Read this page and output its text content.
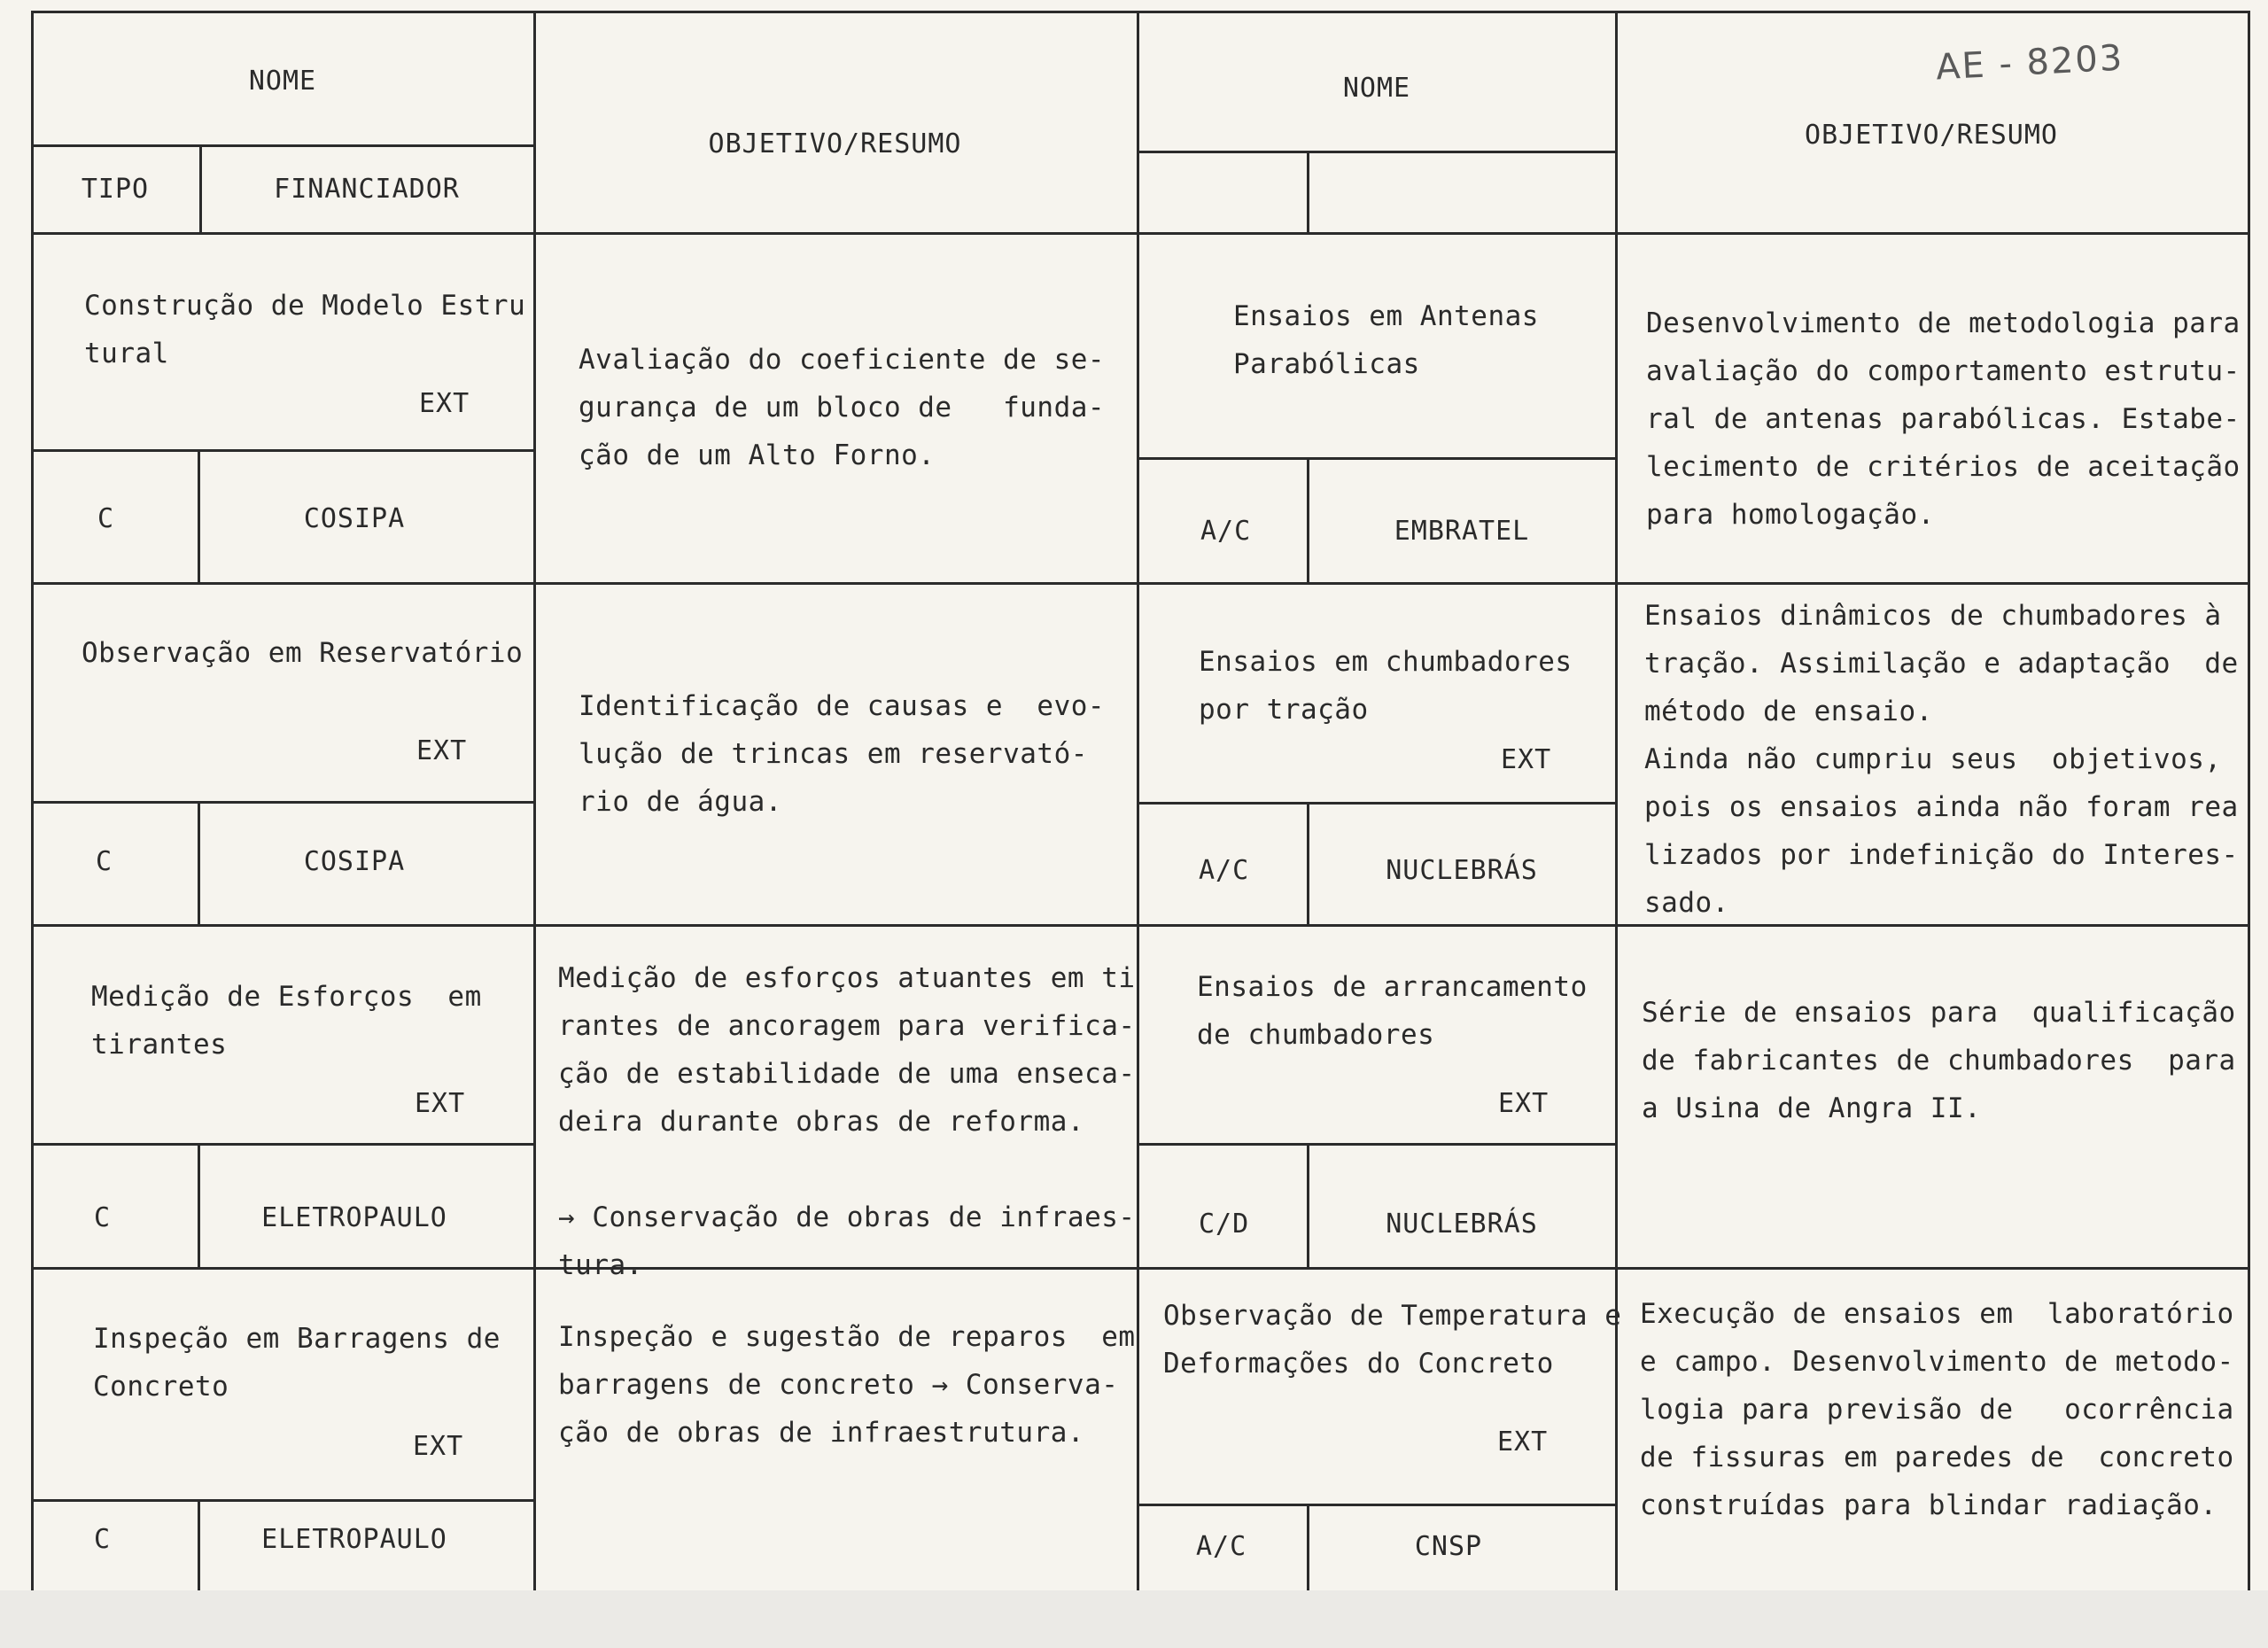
AE - 8203
NOME
TIPO	FINANCIADOR
OBJETIVO/RESUMO
NOME
OBJETIVO/RESUMO
Construção de Modelo Estru
tural
EXT
C	COSIPA
Avaliação do coeficiente de se-
gurança de um bloco de   funda-
ção de um Alto Forno.
Observação em Reservatório
EXT
C	COSIPA
Identificação de causas e  evo-
lução de trincas em reservató-
rio de água.
Medição de Esforços  em
tirantes
EXT
C	ELETROPAULO
Medição de esforços atuantes em ti
rantes de ancoragem para verifica-
ção de estabilidade de uma enseca-
deira durante obras de reforma.

→ Conservação de obras de infraes-
tura.
Inspeção em Barragens de
Concreto
EXT
C	ELETROPAULO
Inspeção e sugestão de reparos  em
barragens de concreto → Conserva-
ção de obras de infraestrutura.
Ensaios em Antenas
Parabólicas
A/C	EMBRATEL
Desenvolvimento de metodologia para
avaliação do comportamento estrutu-
ral de antenas parabólicas. Estabe-
lecimento de critérios de aceitação
para homologação.
Ensaios em chumbadores
por tração
EXT
A/C	NUCLEBRÁS
Ensaios dinâmicos de chumbadores à
tração. Assimilação e adaptação  de
método de ensaio.
Ainda não cumpriu seus  objetivos,
pois os ensaios ainda não foram rea
lizados por indefinição do Interes-
sado.
Ensaios de arrancamento
de chumbadores
EXT
C/D	NUCLEBRÁS
Série de ensaios para  qualificação
de fabricantes de chumbadores  para
a Usina de Angra II.
Observação de Temperatura e
Deformações do Concreto
EXT
A/C	CNSP
Execução de ensaios em  laboratório
e campo. Desenvolvimento de metodo-
logia para previsão de   ocorrência
de fissuras em paredes de  concreto
construídas para blindar radiação.
